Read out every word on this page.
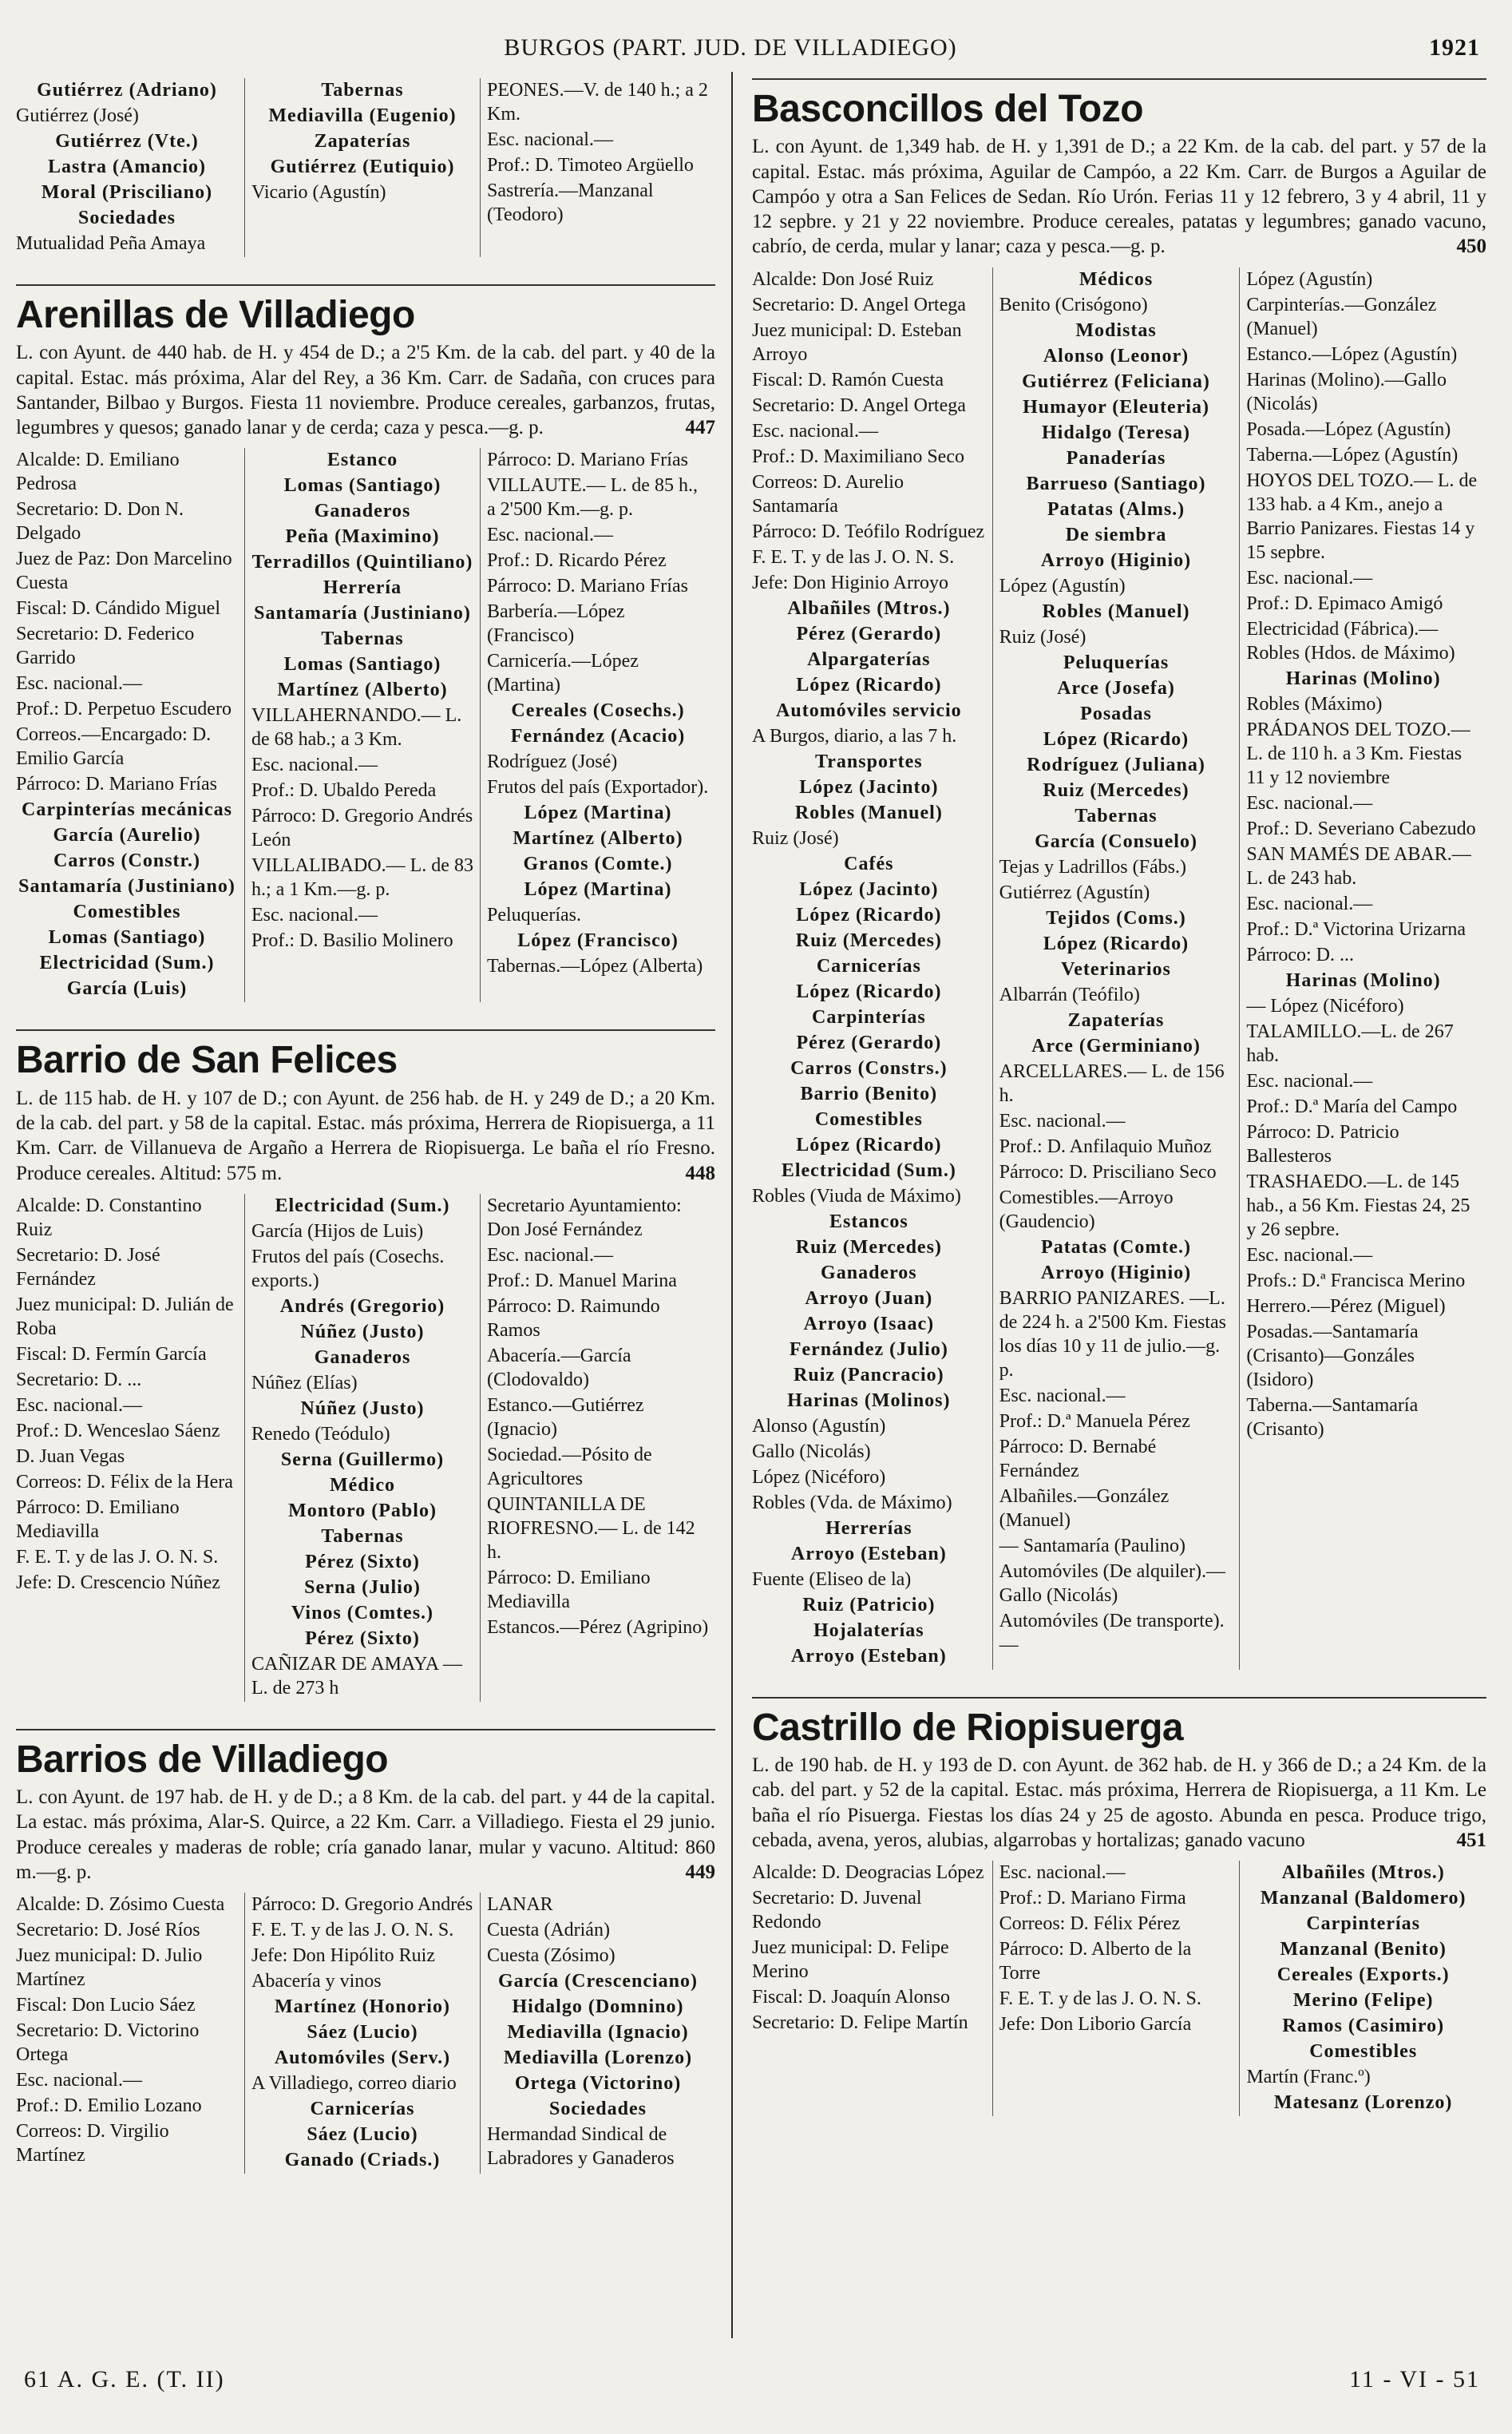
BURGOS (PART. JUD. DE VILLADIEGO)	1921
Gutiérrez (Adriano)
Gutiérrez (José)
Gutiérrez (Vte.)
Lastra (Amancio)
Moral (Prisciliano)
Sociedades
Mutualidad Peña Amaya
Tabernas
Mediavilla (Eugenio)
Zapaterías
Gutiérrez (Eutiquio)
Vicario (Agustín)
PEONES.—V. de 140 h.; a 2 Km.
Esc. nacional.—
Prof.: D. Timoteo Argüello
Sastrería.—Manzanal (Teodoro)
Arenillas de Villadiego
L. con Ayunt. de 440 hab. de H. y 454 de D.; a 2'5 Km. de la cab. del part. y 40 de la capital. Estac. más próxima, Alar del Rey, a 36 Km. Carr. de Sadaña, con cruces para Santander, Bilbao y Burgos. Fiesta 11 noviembre. Produce cereales, garbanzos, frutas, legumbres y quesos; ganado lanar y de cerda; caza y pesca.—g. p.	447
Alcalde: D. Emiliano Pedrosa
Secretario: D. Don N. Delgado
Juez de Paz: Don Marcelino Cuesta
Fiscal: D. Cándido Miguel
Secretario: D. Federico Garrido
Esc. nacional.—
Prof.: D. Perpetuo Escudero
Correos.—Encargado: D. Emilio García
Párroco: D. Mariano Frías
Carpinterías mecánicas
García (Aurelio)
Carros (Constr.)
Santamaría (Justiniano)
Comestibles
Lomas (Santiago)
Electricidad (Sum.)
García (Luis)
Estanco
Lomas (Santiago)
Ganaderos
Peña (Maximino)
Terradillos (Quintiliano)
Herrería
Santamaría (Justiniano)
Tabernas
Lomas (Santiago)
Martínez (Alberto)
VILLAHERNANDO.— L. de 68 hab.; a 3 Km.
Esc. nacional.—
Prof.: D. Ubaldo Pereda
Párroco: D. Gregorio Andrés León
VILLALIBADO.— L. de 83 h.; a 1 Km.—g. p.
Esc. nacional.—
Prof.: D. Basilio Molinero
Párroco: D. Mariano Frías
VILLAUTE.— L. de 85 h., a 2'500 Km.—g. p.
Esc. nacional.—
Prof.: D. Ricardo Pérez
Párroco: D. Mariano Frías
Barbería.—López (Francisco)
Carnicería.—López (Martina)
Cereales (Cosechs.)
Fernández (Acacio)
Rodríguez (José)
Frutos del país (Exportador).
López (Martina)
Martínez (Alberto)
Granos (Comte.)
López (Martina)
Peluquerías.
López (Francisco)
Tabernas.—López (Alberta)
Barrio de San Felices
L. de 115 hab. de H. y 107 de D.; con Ayunt. de 256 hab. de H. y 249 de D.; a 20 Km. de la cab. del part. y 58 de la capital. Estac. más próxima, Herrera de Riopisuerga, a 11 Km. Carr. de Villanueva de Argaño a Herrera de Riopisuerga. Le baña el río Fresno. Produce cereales. Altitud: 575 m.	448
Alcalde: D. Constantino Ruiz
Secretario: D. José Fernández
Juez municipal: D. Julián de Roba
Fiscal: D. Fermín García
Secretario: D. ...
Esc. nacional.—
Prof.: D. Wenceslao Sáenz
D. Juan Vegas
Correos: D. Félix de la Hera
Párroco: D. Emiliano Mediavilla
F. E. T. y de las J. O. N. S.
Jefe: D. Crescencio Núñez
Electricidad (Sum.)
García (Hijos de Luis)
Frutos del país (Cosechs. exports.)
Andrés (Gregorio)
Núñez (Justo)
Ganaderos
Núñez (Elías)
Núñez (Justo)
Renedo (Teódulo)
Serna (Guillermo)
Médico
Montoro (Pablo)
Tabernas
Pérez (Sixto)
Serna (Julio)
Vinos (Comtes.)
Pérez (Sixto)
CAÑIZAR DE AMAYA —L. de 273 h
Secretario Ayuntamiento: Don José Fernández
Esc. nacional.—
Prof.: D. Manuel Marina
Párroco: D. Raimundo Ramos
Abacería.—García (Clodovaldo)
Estanco.—Gutiérrez (Ignacio)
Sociedad.—Pósito de Agricultores
QUINTANILLA DE RIOFRESNO.— L. de 142 h.
Párroco: D. Emiliano Mediavilla
Estancos.—Pérez (Agripino)
Barrios de Villadiego
L. con Ayunt. de 197 hab. de H. y de D.; a 8 Km. de la cab. del part. y 44 de la capital. La estac. más próxima, Alar-S. Quirce, a 22 Km. Carr. a Villadiego. Fiesta el 29 junio. Produce cereales y maderas de roble; cría ganado lanar, mular y vacuno. Altitud: 860 m.—g. p.	449
Alcalde: D. Zósimo Cuesta
Secretario: D. José Ríos
Juez municipal: D. Julio Martínez
Fiscal: Don Lucio Sáez
Secretario: D. Victorino Ortega
Esc. nacional.—
Prof.: D. Emilio Lozano
Correos: D. Virgilio Martínez
Párroco: D. Gregorio Andrés
F. E. T. y de las J. O. N. S.
Jefe: Don Hipólito Ruiz
Abacería y vinos
Martínez (Honorio)
Sáez (Lucio)
Automóviles (Serv.)
A Villadiego, correo diario
Carnicerías
Sáez (Lucio)
Ganado (Criads.)
LANAR
Cuesta (Adrián)
Cuesta (Zósimo)
García (Crescenciano)
Hidalgo (Domnino)
Mediavilla (Ignacio)
Mediavilla (Lorenzo)
Ortega (Victorino)
Sociedades
Hermandad Sindical de Labradores y Ganaderos
Basconcillos del Tozo
L. con Ayunt. de 1,349 hab. de H. y 1,391 de D.; a 22 Km. de la cab. del part. y 57 de la capital. Estac. más próxima, Aguilar de Campóo, a 22 Km. Carr. de Burgos a Aguilar de Campóo y otra a San Felices de Sedan. Río Urón. Ferias 11 y 12 febrero, 3 y 4 abril, 11 y 12 sepbre. y 21 y 22 noviembre. Produce cereales, patatas y legumbres; ganado vacuno, cabrío, de cerda, mular y lanar; caza y pesca.—g. p.	450
Alcalde: Don José Ruiz
Secretario: D. Angel Ortega
Juez municipal: D. Esteban Arroyo
Fiscal: D. Ramón Cuesta
Secretario: D. Angel Ortega
Esc. nacional.—
Prof.: D. Maximiliano Seco
Correos: D. Aurelio Santamaría
Párroco: D. Teófilo Rodríguez
F. E. T. y de las J. O. N. S.
Jefe: Don Higinio Arroyo
Albañiles (Mtros.)
Pérez (Gerardo)
Alpargaterías
López (Ricardo)
Automóviles servicio
A Burgos, diario, a las 7 h.
Transportes
López (Jacinto)
Robles (Manuel)
Ruiz (José)
Cafés
López (Jacinto)
López (Ricardo)
Ruiz (Mercedes)
Carnicerías
López (Ricardo)
Carpinterías
Pérez (Gerardo)
Carros (Constrs.)
Barrio (Benito)
Comestibles
López (Ricardo)
Electricidad (Sum.)
Robles (Viuda de Máximo)
Estancos
Ruiz (Mercedes)
Ganaderos
Arroyo (Juan)
Arroyo (Isaac)
Fernández (Julio)
Ruiz (Pancracio)
Harinas (Molinos)
Alonso (Agustín)
Gallo (Nicolás)
López (Nicéforo)
Robles (Vda. de Máximo)
Herrerías
Arroyo (Esteban)
Fuente (Eliseo de la)
Ruiz (Patricio)
Hojalaterías
Arroyo (Esteban)
Médicos
Benito (Crisógono)
Modistas
Alonso (Leonor)
Gutiérrez (Feliciana)
Humayor (Eleuteria)
Hidalgo (Teresa)
Panaderías
Barrueso (Santiago)
Patatas (Alms.)
De siembra
Arroyo (Higinio)
López (Agustín)
Robles (Manuel)
Ruiz (José)
Peluquerías
Arce (Josefa)
Posadas
López (Ricardo)
Rodríguez (Juliana)
Ruiz (Mercedes)
Tabernas
García (Consuelo)
Tejas y Ladrillos (Fábs.)
Gutiérrez (Agustín)
Tejidos (Coms.)
López (Ricardo)
Veterinarios
Albarrán (Teófilo)
Zapaterías
Arce (Germiniano)
ARCELLARES.— L. de 156 h.
Esc. nacional.—
Prof.: D. Anfilaquio Muñoz
Párroco: D. Prisciliano Seco
Comestibles.—Arroyo (Gaudencio)
Patatas (Comte.)
Arroyo (Higinio)
BARRIO PANIZARES. —L. de 224 h. a 2'500 Km. Fiestas los días 10 y 11 de julio.—g. p.
Esc. nacional.—
Prof.: D.ª Manuela Pérez
Párroco: D. Bernabé Fernández
Albañiles.—González (Manuel)
— Santamaría (Paulino)
Automóviles (De alquiler).—Gallo (Nicolás)
Automóviles (De transporte).—
López (Agustín)
Carpinterías.—González (Manuel)
Estanco.—López (Agustín)
Harinas (Molino).—Gallo (Nicolás)
Posada.—López (Agustín)
Taberna.—López (Agustín)
HOYOS DEL TOZO.— L. de 133 hab. a 4 Km., anejo a Barrio Panizares. Fiestas 14 y 15 sepbre.
Esc. nacional.—
Prof.: D. Epimaco Amigó
Electricidad (Fábrica).—Robles (Hdos. de Máximo)
Harinas (Molino)
Robles (Máximo)
PRÁDANOS DEL TOZO.—L. de 110 h. a 3 Km. Fiestas 11 y 12 noviembre
Esc. nacional.—
Prof.: D. Severiano Cabezudo
SAN MAMÉS DE ABAR.— L. de 243 hab.
Esc. nacional.—
Prof.: D.ª Victorina Urizarna
Párroco: D. ...
Harinas (Molino)
— López (Nicéforo)
TALAMILLO.—L. de 267 hab.
Esc. nacional.—
Prof.: D.ª María del Campo
Párroco: D. Patricio Ballesteros
TRASHAEDO.—L. de 145 hab., a 56 Km. Fiestas 24, 25 y 26 sepbre.
Esc. nacional.—
Profs.: D.ª Francisca Merino
Herrero.—Pérez (Miguel)
Posadas.—Santamaría (Crisanto)—Gonzáles (Isidoro)
Taberna.—Santamaría (Crisanto)
Castrillo de Riopisuerga
L. de 190 hab. de H. y 193 de D. con Ayunt. de 362 hab. de H. y 366 de D.; a 24 Km. de la cab. del part. y 52 de la capital. Estac. más próxima, Herrera de Riopisuerga, a 11 Km. Le baña el río Pisuerga. Fiestas los días 24 y 25 de agosto. Abunda en pesca. Produce trigo, cebada, avena, yeros, alubias, algarrobas y hortalizas; ganado vacuno	451
Alcalde: D. Deogracias López
Secretario: D. Juvenal Redondo
Juez municipal: D. Felipe Merino
Fiscal: D. Joaquín Alonso
Secretario: D. Felipe Martín
Esc. nacional.—
Prof.: D. Mariano Firma
Correos: D. Félix Pérez
Párroco: D. Alberto de la Torre
F. E. T. y de las J. O. N. S.
Jefe: Don Liborio García
Albañiles (Mtros.)
Manzanal (Baldomero)
Carpinterías
Manzanal (Benito)
Cereales (Exports.)
Merino (Felipe)
Ramos (Casimiro)
Comestibles
Martín (Franc.º)
Matesanz (Lorenzo)
61 A. G. E. (T. II)	11 - VI - 51
